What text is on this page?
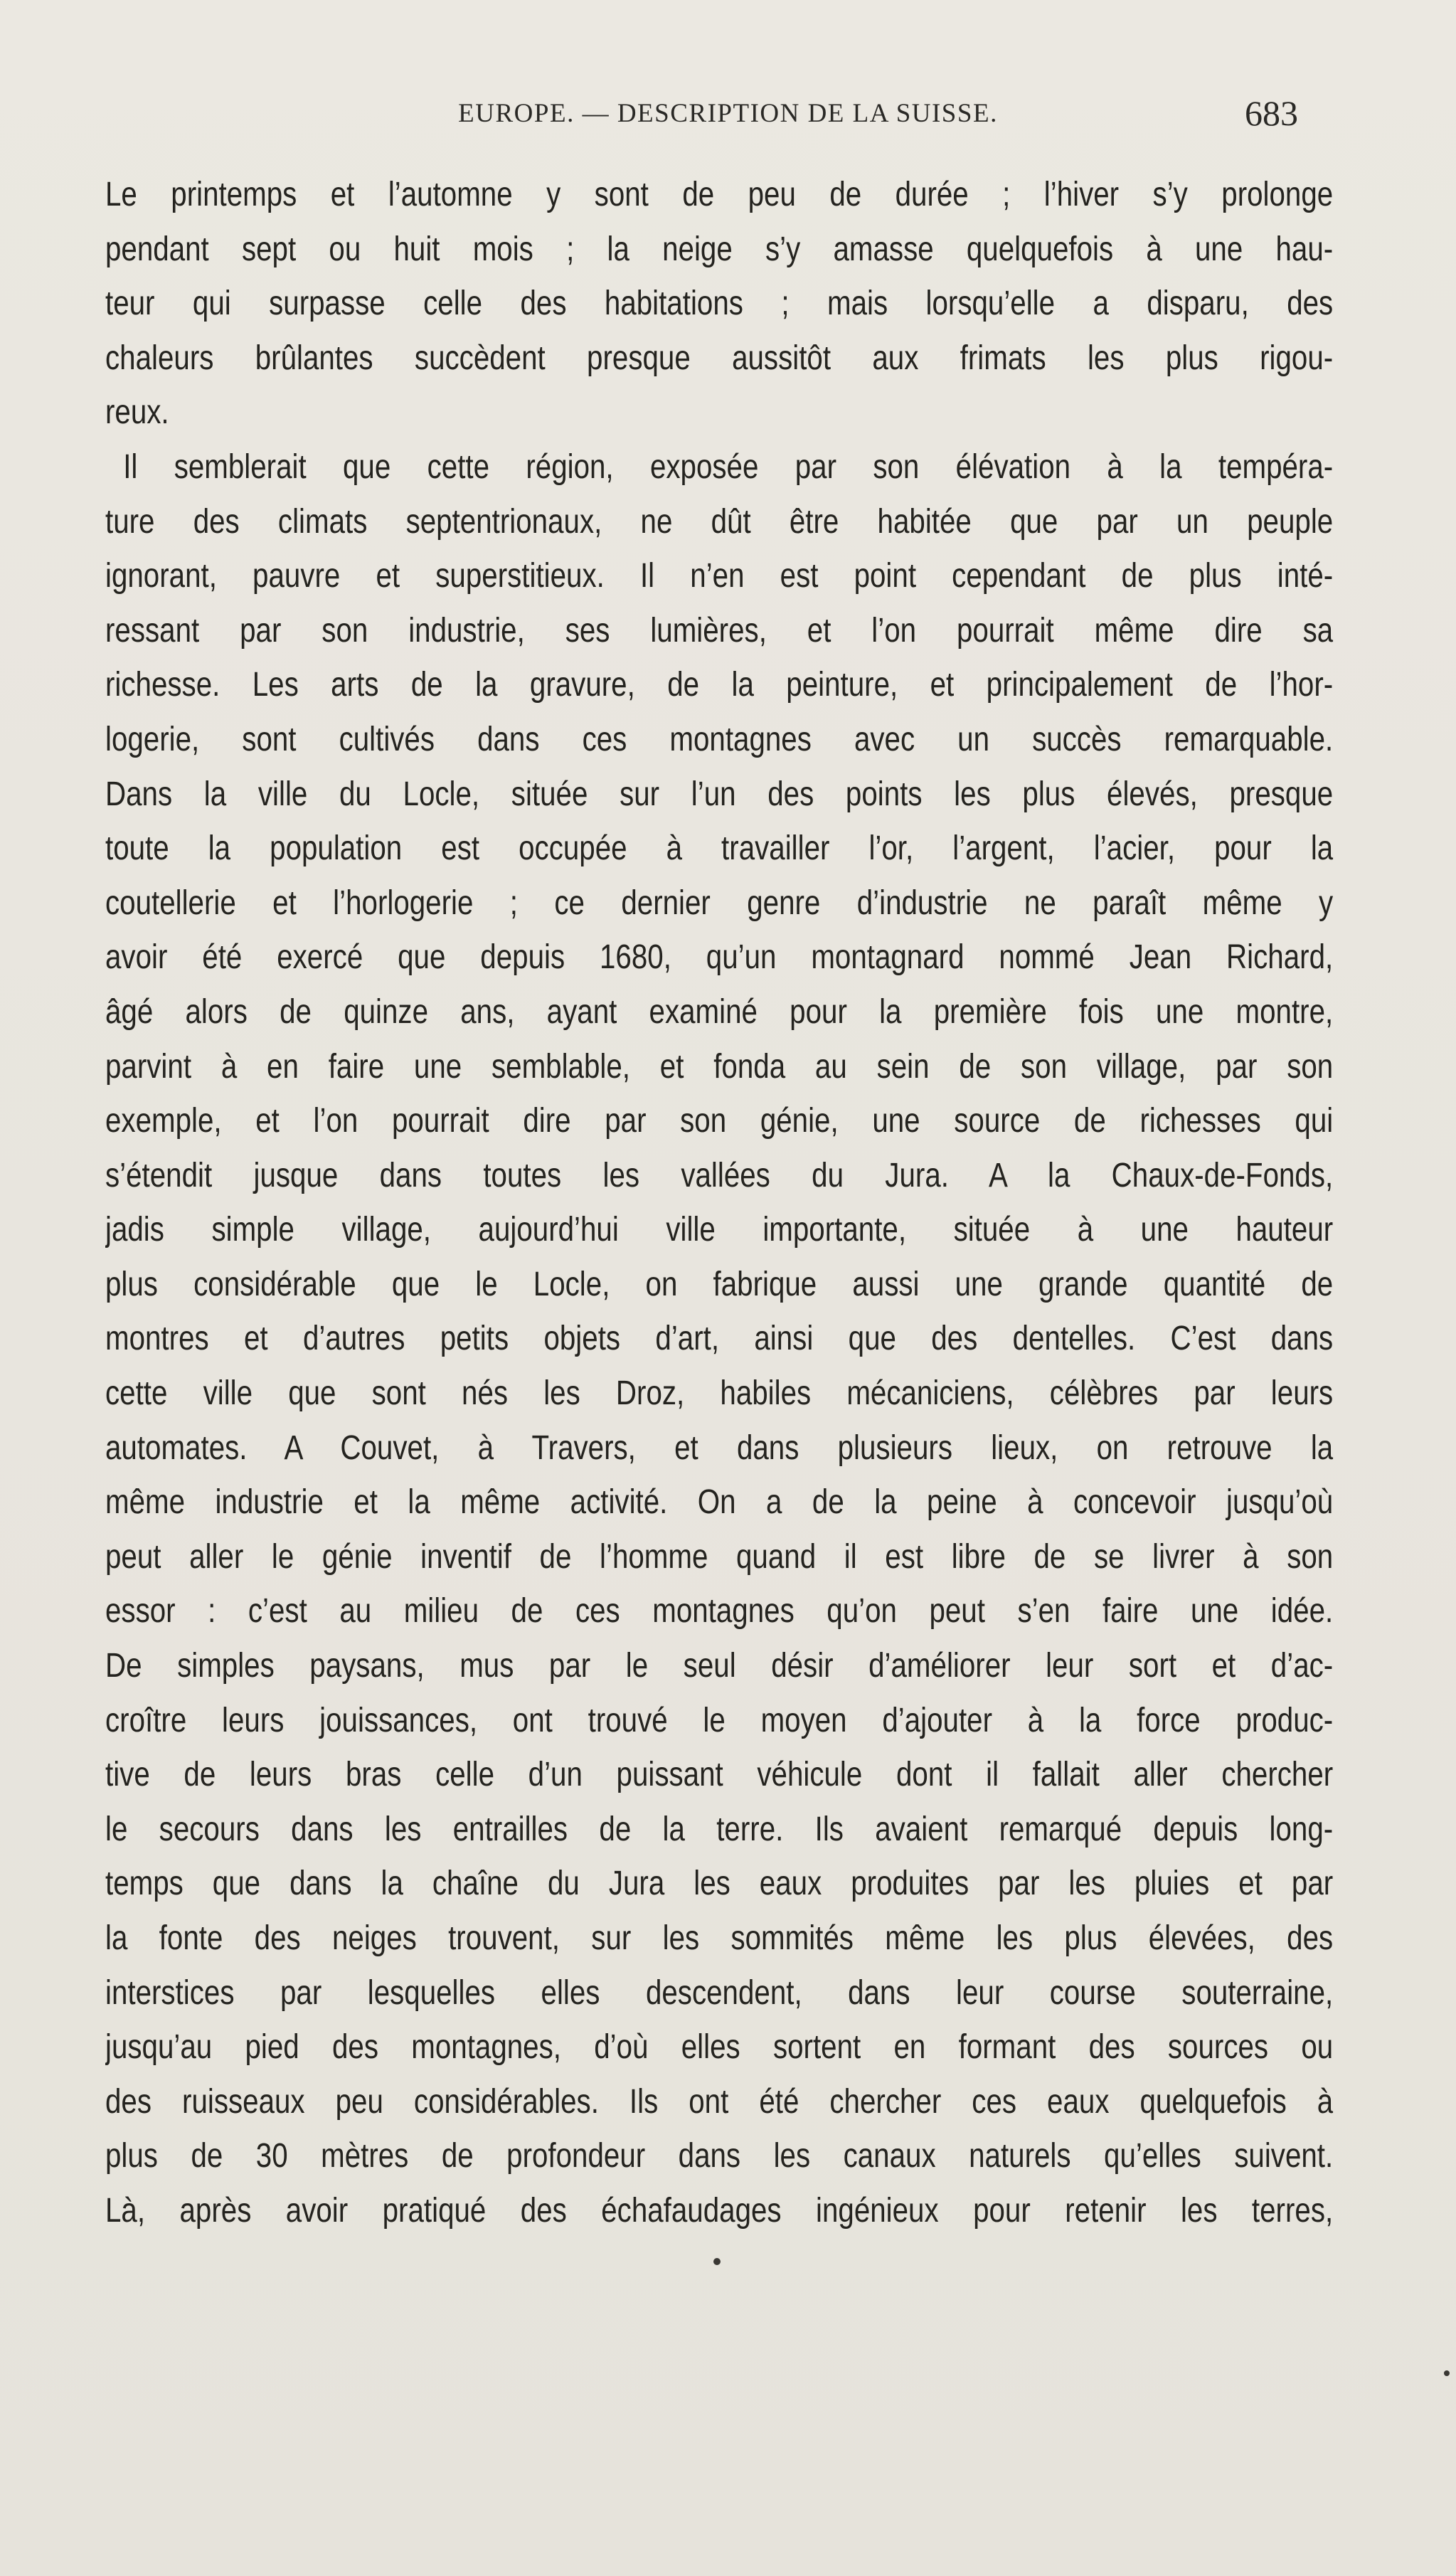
EUROPE. — DESCRIPTION DE LA SUISSE.	683
Le printemps et l’automne y sont de peu de durée ; l’hiver s’y prolonge
pendant sept ou huit mois ; la neige s’y amasse quelquefois à une hau-
teur qui surpasse celle des habitations ; mais lorsqu’elle a disparu, des
chaleurs brûlantes succèdent presque aussitôt aux frimats les plus rigou-
reux.
Il semblerait que cette région, exposée par son élévation à la tempéra-
ture des climats septentrionaux, ne dût être habitée que par un peuple
ignorant, pauvre et superstitieux. Il n’en est point cependant de plus inté-
ressant par son industrie, ses lumières, et l’on pourrait même dire sa
richesse. Les arts de la gravure, de la peinture, et principalement de l’hor-
logerie, sont cultivés dans ces montagnes avec un succès remarquable.
Dans la ville du Locle, située sur l’un des points les plus élevés, presque
toute la population est occupée à travailler l’or, l’argent, l’acier, pour la
coutellerie et l’horlogerie ; ce dernier genre d’industrie ne paraît même y
avoir été exercé que depuis 1680, qu’un montagnard nommé Jean Richard,
âgé alors de quinze ans, ayant examiné pour la première fois une montre,
parvint à en faire une semblable, et fonda au sein de son village, par son
exemple, et l’on pourrait dire par son génie, une source de richesses qui
s’étendit jusque dans toutes les vallées du Jura. A la Chaux-de-Fonds,
jadis simple village, aujourd’hui ville importante, située à une hauteur
plus considérable que le Locle, on fabrique aussi une grande quantité de
montres et d’autres petits objets d’art, ainsi que des dentelles. C’est dans
cette ville que sont nés les Droz, habiles mécaniciens, célèbres par leurs
automates. A Couvet, à Travers, et dans plusieurs lieux, on retrouve la
même industrie et la même activité. On a de la peine à concevoir jusqu’où
peut aller le génie inventif de l’homme quand il est libre de se livrer à son
essor : c’est au milieu de ces montagnes qu’on peut s’en faire une idée.
De simples paysans, mus par le seul désir d’améliorer leur sort et d’ac-
croître leurs jouissances, ont trouvé le moyen d’ajouter à la force produc-
tive de leurs bras celle d’un puissant véhicule dont il fallait aller chercher
le secours dans les entrailles de la terre. Ils avaient remarqué depuis long-
temps que dans la chaîne du Jura les eaux produites par les pluies et par
la fonte des neiges trouvent, sur les sommités même les plus élevées, des
interstices par lesquelles elles descendent, dans leur course souterraine,
jusqu’au pied des montagnes, d’où elles sortent en formant des sources ou
des ruisseaux peu considérables. Ils ont été chercher ces eaux quelquefois à
plus de 30 mètres de profondeur dans les canaux naturels qu’elles suivent.
Là, après avoir pratiqué des échafaudages ingénieux pour retenir les terres,
